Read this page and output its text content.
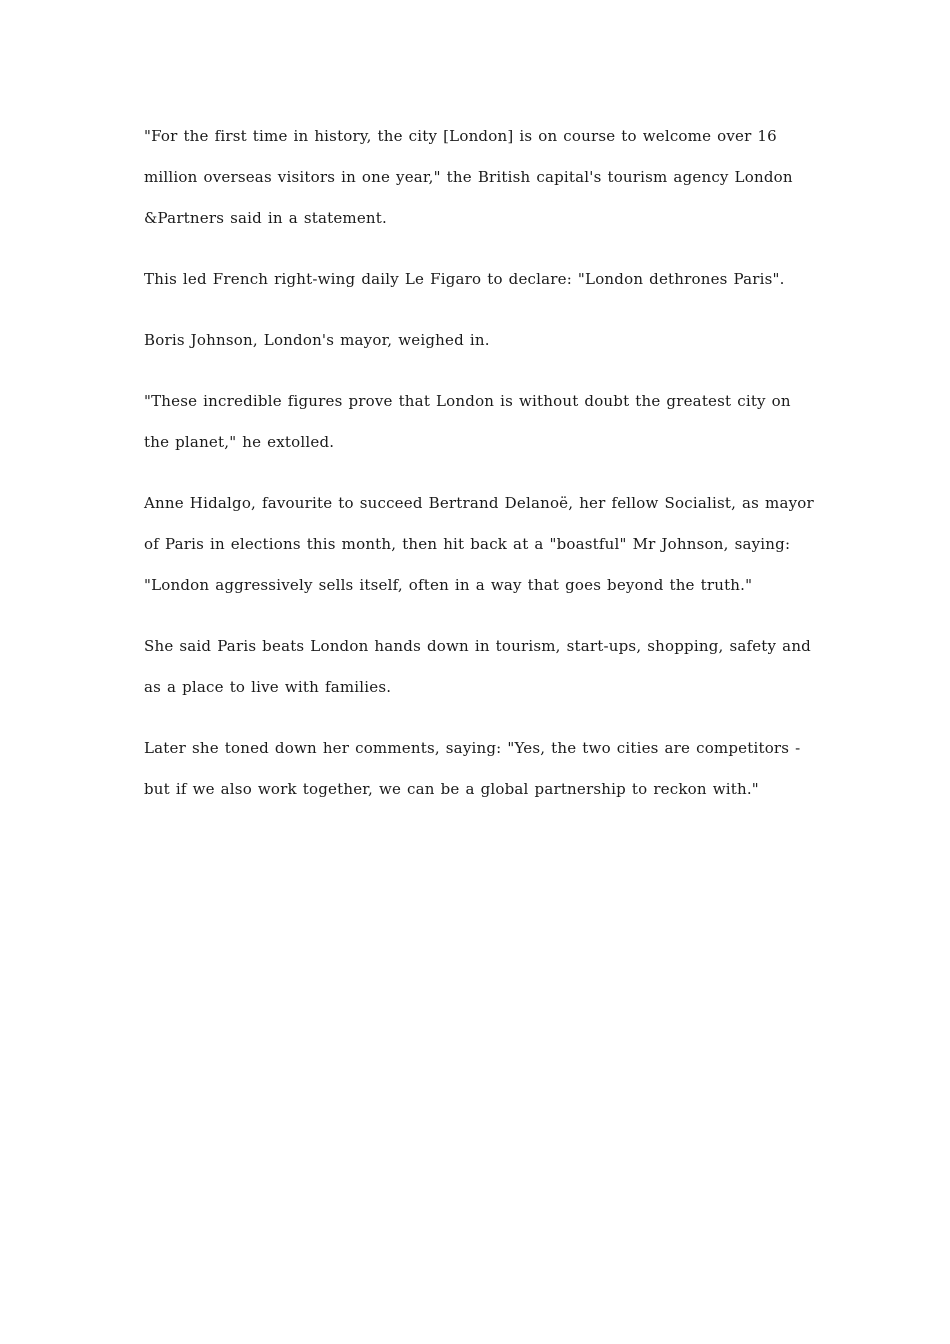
"For the first time in history, the city [London] is on course to welcome over 16 million overseas visitors in one year," the British capital's tourism agency London &Partners said in a statement.

This led French right-wing daily Le Figaro to declare: "London dethrones Paris".

Boris Johnson, London's mayor, weighed in.

"These incredible figures prove that London is without doubt the greatest city on the planet," he extolled.

Anne Hidalgo, favourite to succeed Bertrand Delanoë, her fellow Socialist, as mayor of Paris in elections this month, then hit back at a "boastful" Mr Johnson, saying: "London aggressively sells itself, often in a way that goes beyond the truth."

She said Paris beats London hands down in tourism, start-ups, shopping, safety and as a place to live with families.

Later she toned down her comments, saying: "Yes, the two cities are competitors - but if we also work together, we can be a global partnership to reckon with."
